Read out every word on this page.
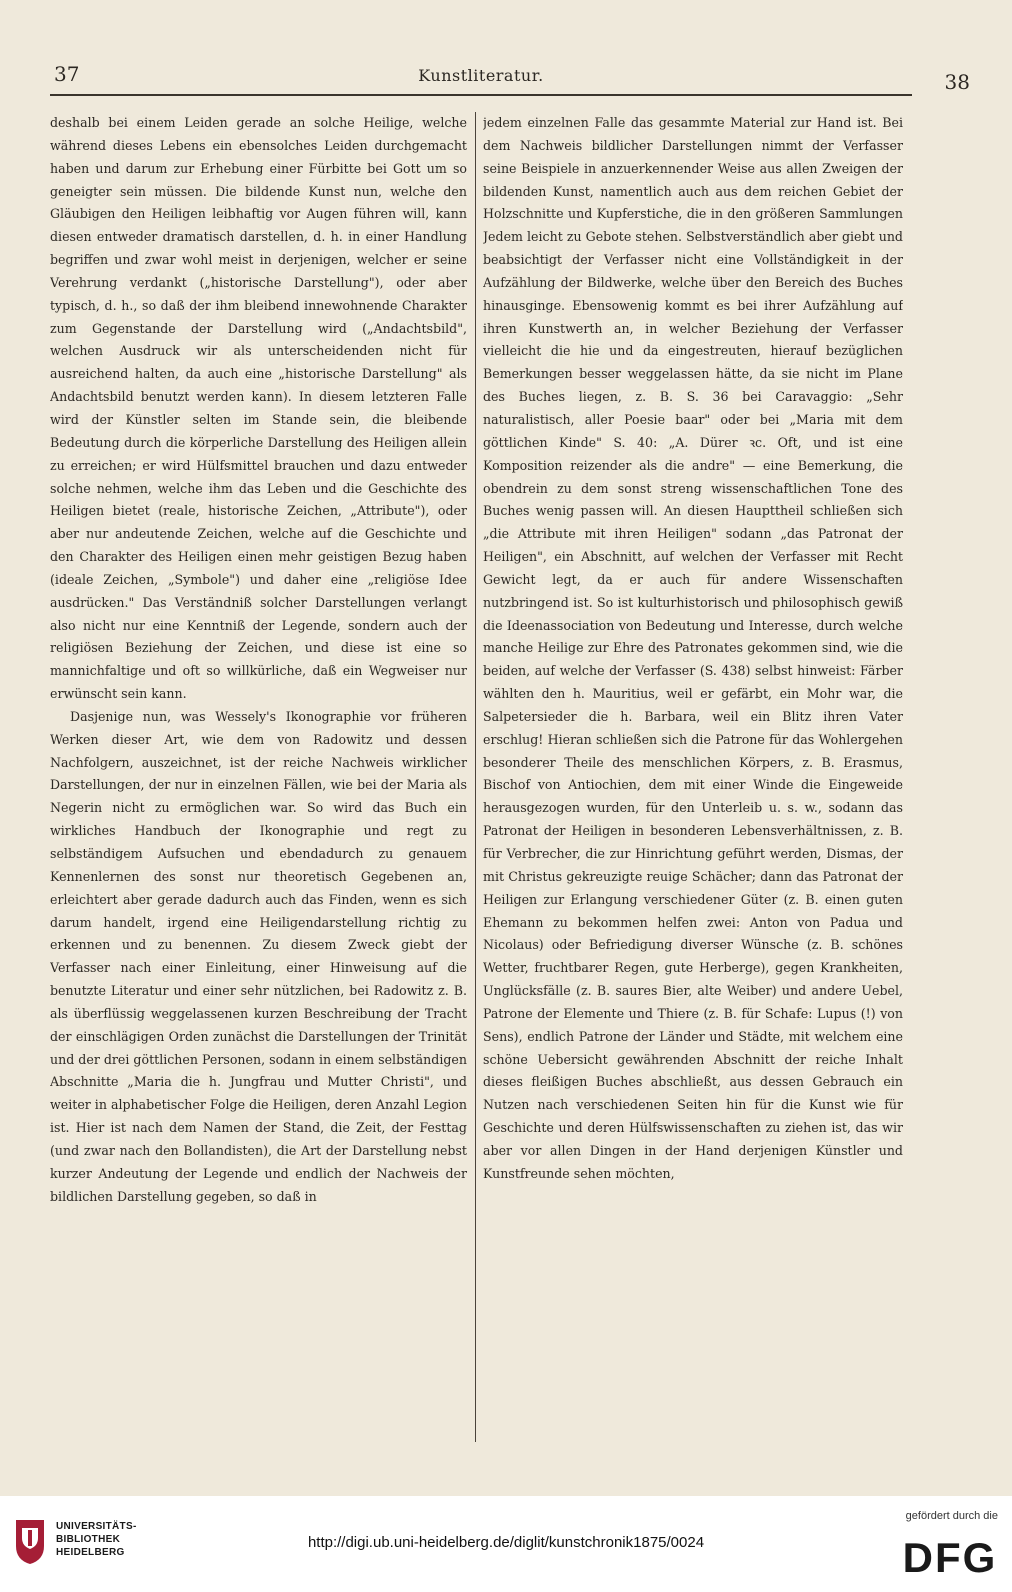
37	Kunstliteratur.	38

deshalb bei einem Leiden gerade an solche Heilige, welche während dieses Lebens ein ebensolches Leiden durchgemacht haben und darum zur Erhebung einer Fürbitte bei Gott um so geneigter sein müssen. Die bildende Kunst nun, welche den Gläubigen den Heiligen leibhaftig vor Augen führen will, kann diesen entweder dramatisch darstellen, d. h. in einer Handlung begriffen und zwar wohl meist in derjenigen, welcher er seine Verehrung verdankt („historische Darstellung"), oder aber typisch, d. h., so daß der ihm bleibend innewohnende Charakter zum Gegenstande der Darstellung wird („Andachtsbild", welchen Ausdruck wir als unterscheidenden nicht für ausreichend halten, da auch eine „historische Darstellung" als Andachtsbild benutzt werden kann). In diesem letzteren Falle wird der Künstler selten im Stande sein, die bleibende Bedeutung durch die körperliche Darstellung des Heiligen allein zu erreichen; er wird Hülfsmittel brauchen und dazu entweder solche nehmen, welche ihm das Leben und die Geschichte des Heiligen bietet (reale, historische Zeichen, „Attribute"), oder aber nur andeutende Zeichen, welche auf die Geschichte und den Charakter des Heiligen einen mehr geistigen Bezug haben (ideale Zeichen, „Symbole") und daher eine „religiöse Idee ausdrücken." Das Verständniß solcher Darstellungen verlangt also nicht nur eine Kenntniß der Legende, sondern auch der religiösen Beziehung der Zeichen, und diese ist eine so mannichfaltige und oft so willkürliche, daß ein Wegweiser nur erwünscht sein kann.

Dasjenige nun, was Wessely's Ikonographie vor früheren Werken dieser Art, wie dem von Radowitz und dessen Nachfolgern, auszeichnet, ist der reiche Nachweis wirklicher Darstellungen, der nur in einzelnen Fällen, wie bei der Maria als Negerin nicht zu ermöglichen war. So wird das Buch ein wirkliches Handbuch der Ikonographie und regt zu selbständigem Aufsuchen und ebendadurch zu genauem Kennenlernen des sonst nur theoretisch Gegebenen an, erleichtert aber gerade dadurch auch das Finden, wenn es sich darum handelt, irgend eine Heiligendarstellung richtig zu erkennen und zu benennen. Zu diesem Zweck giebt der Verfasser nach einer Einleitung, einer Hinweisung auf die benutzte Literatur und einer sehr nützlichen, bei Radowitz z. B. als überflüssig weggelassenen kurzen Beschreibung der Tracht der einschlägigen Orden zunächst die Darstellungen der Trinität und der drei göttlichen Personen, sodann in einem selbständigen Abschnitte „Maria die h. Jungfrau und Mutter Christi", und weiter in alphabetischer Folge die Heiligen, deren Anzahl Legion ist. Hier ist nach dem Namen der Stand, die Zeit, der Festtag (und zwar nach den Bollandisten), die Art der Darstellung nebst kurzer Andeutung der Legende und endlich der Nachweis der bildlichen Darstellung gegeben, so daß in

jedem einzelnen Falle das gesammte Material zur Hand ist. Bei dem Nachweis bildlicher Darstellungen nimmt der Verfasser seine Beispiele in anzuerkennender Weise aus allen Zweigen der bildenden Kunst, namentlich auch aus dem reichen Gebiet der Holzschnitte und Kupferstiche, die in den größeren Sammlungen Jedem leicht zu Gebote stehen. Selbstverständlich aber giebt und beabsichtigt der Verfasser nicht eine Vollständigkeit in der Aufzählung der Bildwerke, welche über den Bereich des Buches hinausginge. Ebensowenig kommt es bei ihrer Aufzählung auf ihren Kunstwerth an, in welcher Beziehung der Verfasser vielleicht die hie und da eingestreuten, hierauf bezüglichen Bemerkungen besser weggelassen hätte, da sie nicht im Plane des Buches liegen, z. B. S. 36 bei Caravaggio: „Sehr naturalistisch, aller Poesie baar" oder bei „Maria mit dem göttlichen Kinde" S. 40: „A. Dürer ꝛc. Oft, und ist eine Komposition reizender als die andre" — eine Bemerkung, die obendrein zu dem sonst streng wissenschaftlichen Tone des Buches wenig passen will. An diesen Haupttheil schließen sich „die Attribute mit ihren Heiligen" sodann „das Patronat der Heiligen", ein Abschnitt, auf welchen der Verfasser mit Recht Gewicht legt, da er auch für andere Wissenschaften nutzbringend ist. So ist kulturhistorisch und philosophisch gewiß die Ideenassociation von Bedeutung und Interesse, durch welche manche Heilige zur Ehre des Patronates gekommen sind, wie die beiden, auf welche der Verfasser (S. 438) selbst hinweist: Färber wählten den h. Mauritius, weil er gefärbt, ein Mohr war, die Salpetersieder die h. Barbara, weil ein Blitz ihren Vater erschlug! Hieran schließen sich die Patrone für das Wohlergehen besonderer Theile des menschlichen Körpers, z. B. Erasmus, Bischof von Antiochien, dem mit einer Winde die Eingeweide herausgezogen wurden, für den Unterleib u. s. w., sodann das Patronat der Heiligen in besonderen Lebensverhältnissen, z. B. für Verbrecher, die zur Hinrichtung geführt werden, Dismas, der mit Christus gekreuzigte reuige Schächer; dann das Patronat der Heiligen zur Erlangung verschiedener Güter (z. B. einen guten Ehemann zu bekommen helfen zwei: Anton von Padua und Nicolaus) oder Befriedigung diverser Wünsche (z. B. schönes Wetter, fruchtbarer Regen, gute Herberge), gegen Krankheiten, Unglücksfälle (z. B. saures Bier, alte Weiber) und andere Uebel, Patrone der Elemente und Thiere (z. B. für Schafe: Lupus (!) von Sens), endlich Patrone der Länder und Städte, mit welchem eine schöne Uebersicht gewährenden Abschnitt der reiche Inhalt dieses fleißigen Buches abschließt, aus dessen Gebrauch ein Nutzen nach verschiedenen Seiten hin für die Kunst wie für Geschichte und deren Hülfswissenschaften zu ziehen ist, das wir aber vor allen Dingen in der Hand derjenigen Künstler und Kunstfreunde sehen möchten,

UNIVERSITÄTS-
BIBLIOTHEK
HEIDELBERG
http://digi.ub.uni-heidelberg.de/diglit/kunstchronik1875/0024
gefördert durch die
DFG
